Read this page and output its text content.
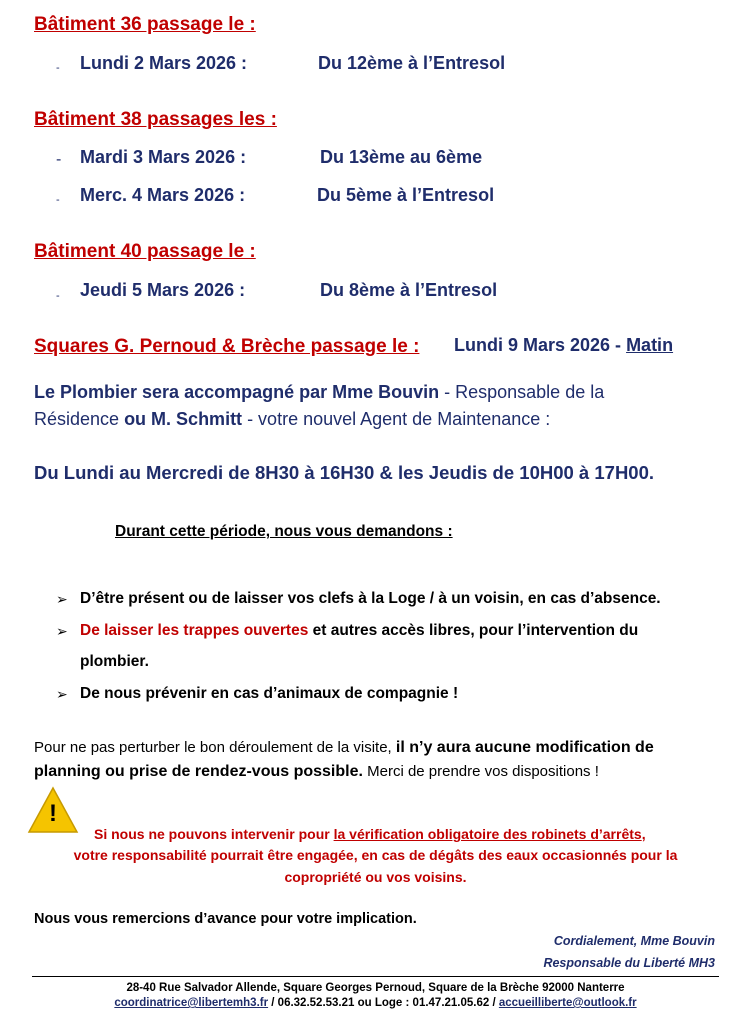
Bâtiment 36 passage le :
- Lundi 2 Mars 2026 :	Du 12ème à l’Entresol
Bâtiment 38 passages les :
- Mardi 3 Mars 2026 :	Du 13ème au 6ème
- Merc. 4 Mars 2026 :	Du 5ème à l’Entresol
Bâtiment 40 passage le :
- Jeudi 5 Mars 2026 :	Du 8ème à l’Entresol
Squares G. Pernoud & Brèche passage le : Lundi 9 Mars 2026 - Matin
Le Plombier sera accompagné par Mme Bouvin - Responsable de la
Résidence ou M. Schmitt - votre nouvel Agent de Maintenance :
Du Lundi au Mercredi de 8H30 à 16H30 & les Jeudis de 10H00 à 17H00.
Durant cette période, nous vous demandons :
➢ D’être présent ou de laisser vos clefs à la Loge / à un voisin, en cas d’absence.
➢ De laisser les trappes ouvertes et autres accès libres, pour l’intervention du
plombier.
➢ De nous prévenir en cas d’animaux de compagnie !
Pour ne pas perturber le bon déroulement de la visite, il n’y aura aucune modification de
planning ou prise de rendez-vous possible. Merci de prendre vos dispositions !
!
Si nous ne pouvons intervenir pour la vérification obligatoire des robinets d’arrêts,
votre responsabilité pourrait être engagée, en cas de dégâts des eaux occasionnés pour la
copropriété ou vos voisins.
Nous vous remercions d’avance pour votre implication.
Cordialement, Mme Bouvin
Responsable du Liberté MH3
28-40 Rue Salvador Allende, Square Georges Pernoud, Square de la Brèche 92000 Nanterre
coordinatrice@libertemh3.fr / 06.32.52.53.21 ou Loge : 01.47.21.05.62 / accueilliberte@outlook.fr
